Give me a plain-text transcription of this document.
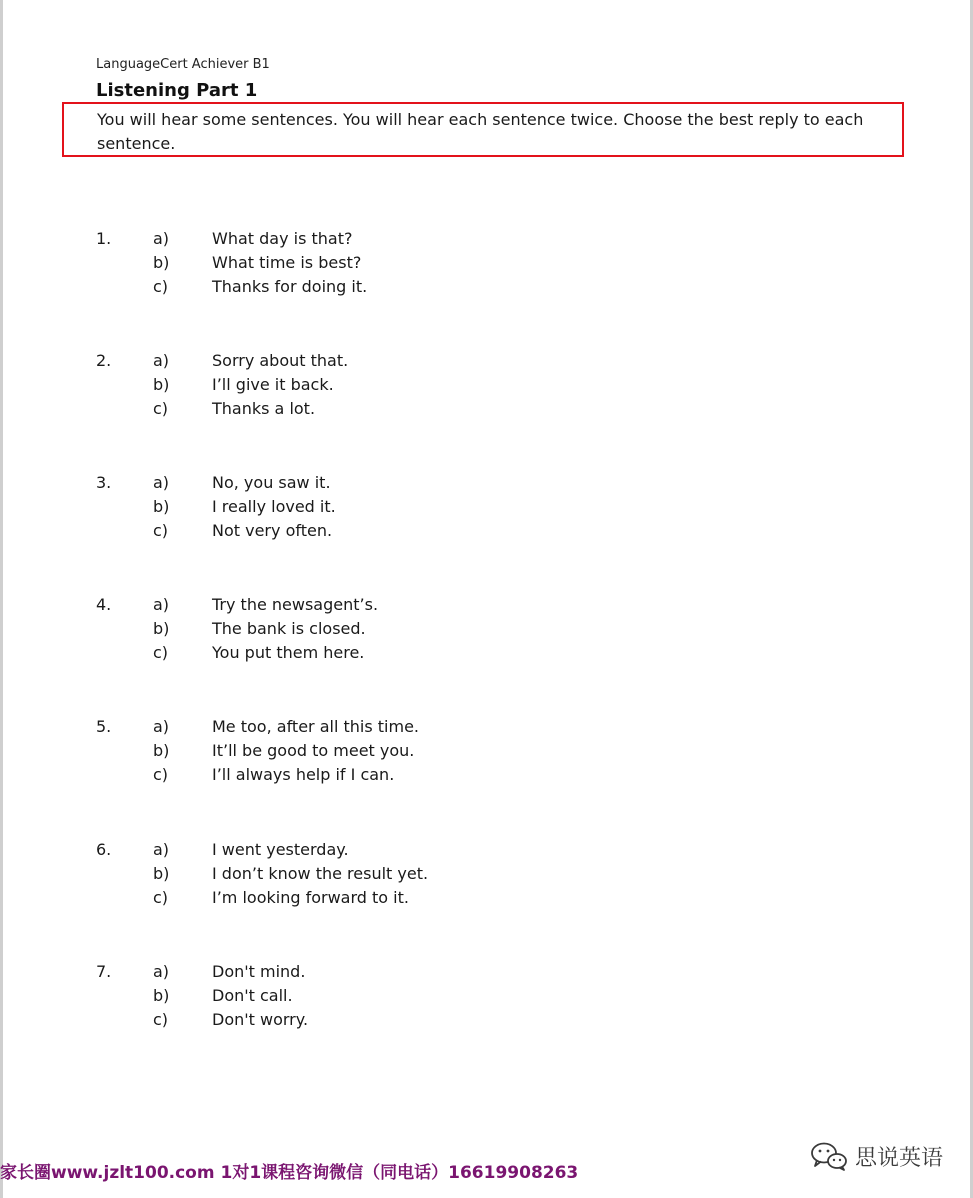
LanguageCert Achiever B1
Listening Part 1
You will hear some sentences. You will hear each sentence twice. Choose the best reply to each sentence.
1.	a)	What day is that?
b)	What time is best?
c)	Thanks for doing it.
2.	a)	Sorry about that.
b)	I’ll give it back.
c)	Thanks a lot.
3.	a)	No, you saw it.
b)	I really loved it.
c)	Not very often.
4.	a)	Try the newsagent’s.
b)	The bank is closed.
c)	You put them here.
5.	a)	Me too, after all this time.
b)	It’ll be good to meet you.
c)	I’ll always help if I can.
6.	a)	I went yesterday.
b)	I don’t know the result yet.
c)	I’m looking forward to it.
7.	a)	Don't mind.
b)	Don't call.
c)	Don't worry.
家长圈www.jzlt100.com 1对1课程咨询微信（同电话）16619908263
思说英语
